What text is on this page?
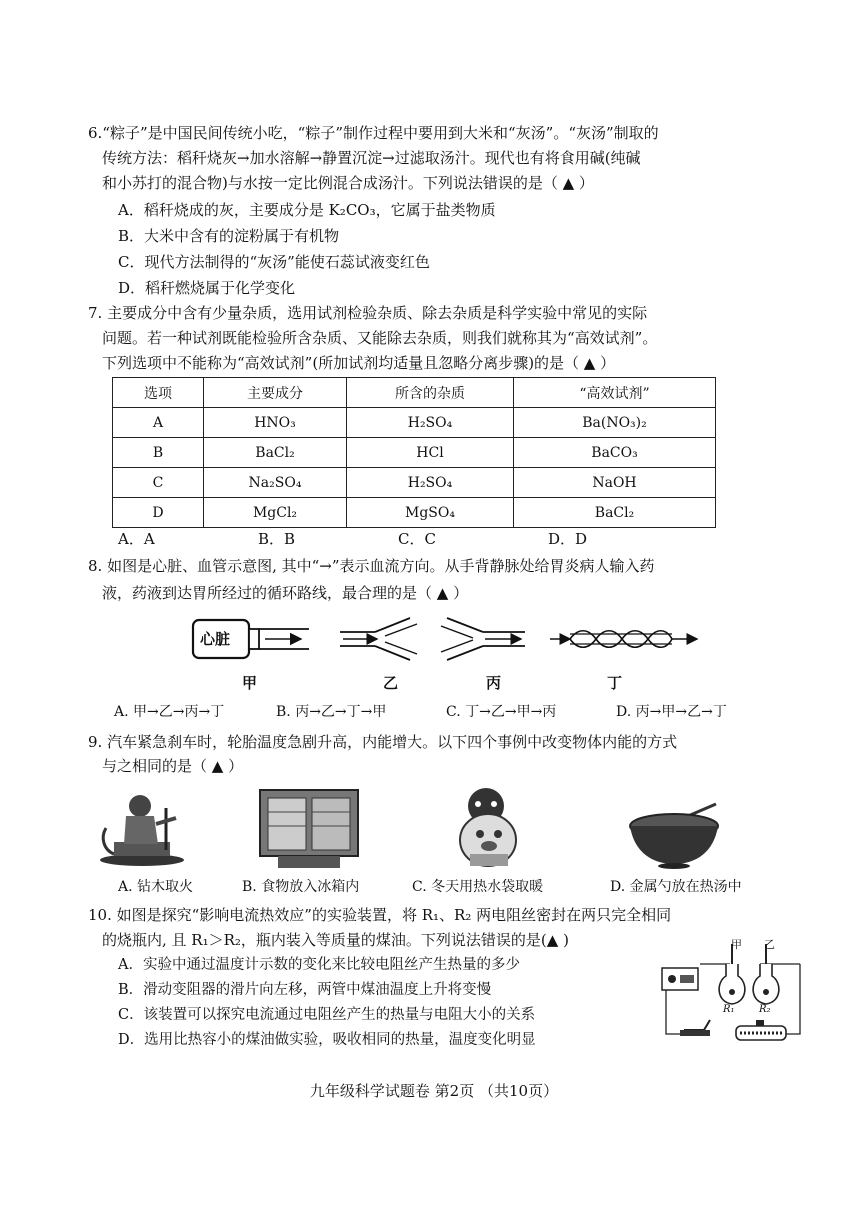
6.“粽子”是中国民间传统小吃，“粽子”制作过程中要用到大米和“灰汤”。“灰汤”制取的
传统方法：稻秆烧灰→加水溶解→静置沉淀→过滤取汤汁。现代也有将食用碱(纯碱
和小苏打的混合物)与水按一定比例混合成汤汁。下列说法错误的是（ ▲ ）
A．稻秆烧成的灰，主要成分是 K₂CO₃，它属于盐类物质
B．大米中含有的淀粉属于有机物
C．现代方法制得的“灰汤”能使石蕊试液变红色
D．稻秆燃烧属于化学变化
7. 主要成分中含有少量杂质，选用试剂检验杂质、除去杂质是科学实验中常见的实际
问题。若一种试剂既能检验所含杂质、又能除去杂质，则我们就称其为“高效试剂”。
下列选项中不能称为“高效试剂”(所加试剂均适量且忽略分离步骤)的是（ ▲ ）
选项	主要成分	所含的杂质	“高效试剂”
A	HNO₃	H₂SO₄	Ba(NO₃)₂
B	BaCl₂	HCl	BaCO₃
C	Na₂SO₄	H₂SO₄	NaOH
D	MgCl₂	MgSO₄	BaCl₂
A．A	B．B	C．C	D．D
8. 如图是心脏、血管示意图, 其中“→”表示血流方向。从手背静脉处给胃炎病人输入药
液，药液到达胃所经过的循环路线，最合理的是（ ▲ ）
心脏
甲	乙	丙	丁
A. 甲→乙→丙→丁	B. 丙→乙→丁→甲	C. 丁→乙→甲→丙	D. 丙→甲→乙→丁
9. 汽车紧急刹车时，轮胎温度急剧升高，内能增大。以下四个事例中改变物体内能的方式
与之相同的是（ ▲ ）
A. 钻木取火	B. 食物放入冰箱内	C. 冬天用热水袋取暖	D. 金属勺放在热汤中
10. 如图是探究“影响电流热效应”的实验装置，将 R₁、R₂ 两电阻丝密封在两只完全相同
的烧瓶内, 且 R₁＞R₂，瓶内装入等质量的煤油。下列说法错误的是(▲ )
A．实验中通过温度计示数的变化来比较电阻丝产生热量的多少
B．滑动变阻器的滑片向左移，两管中煤油温度上升将变慢
C．该装置可以探究电流通过电阻丝产生的热量与电阻大小的关系
D．选用比热容小的煤油做实验，吸收相同的热量，温度变化明显
甲 乙
R₁ R₂
九年级科学试题卷 第2页 （共10页）
